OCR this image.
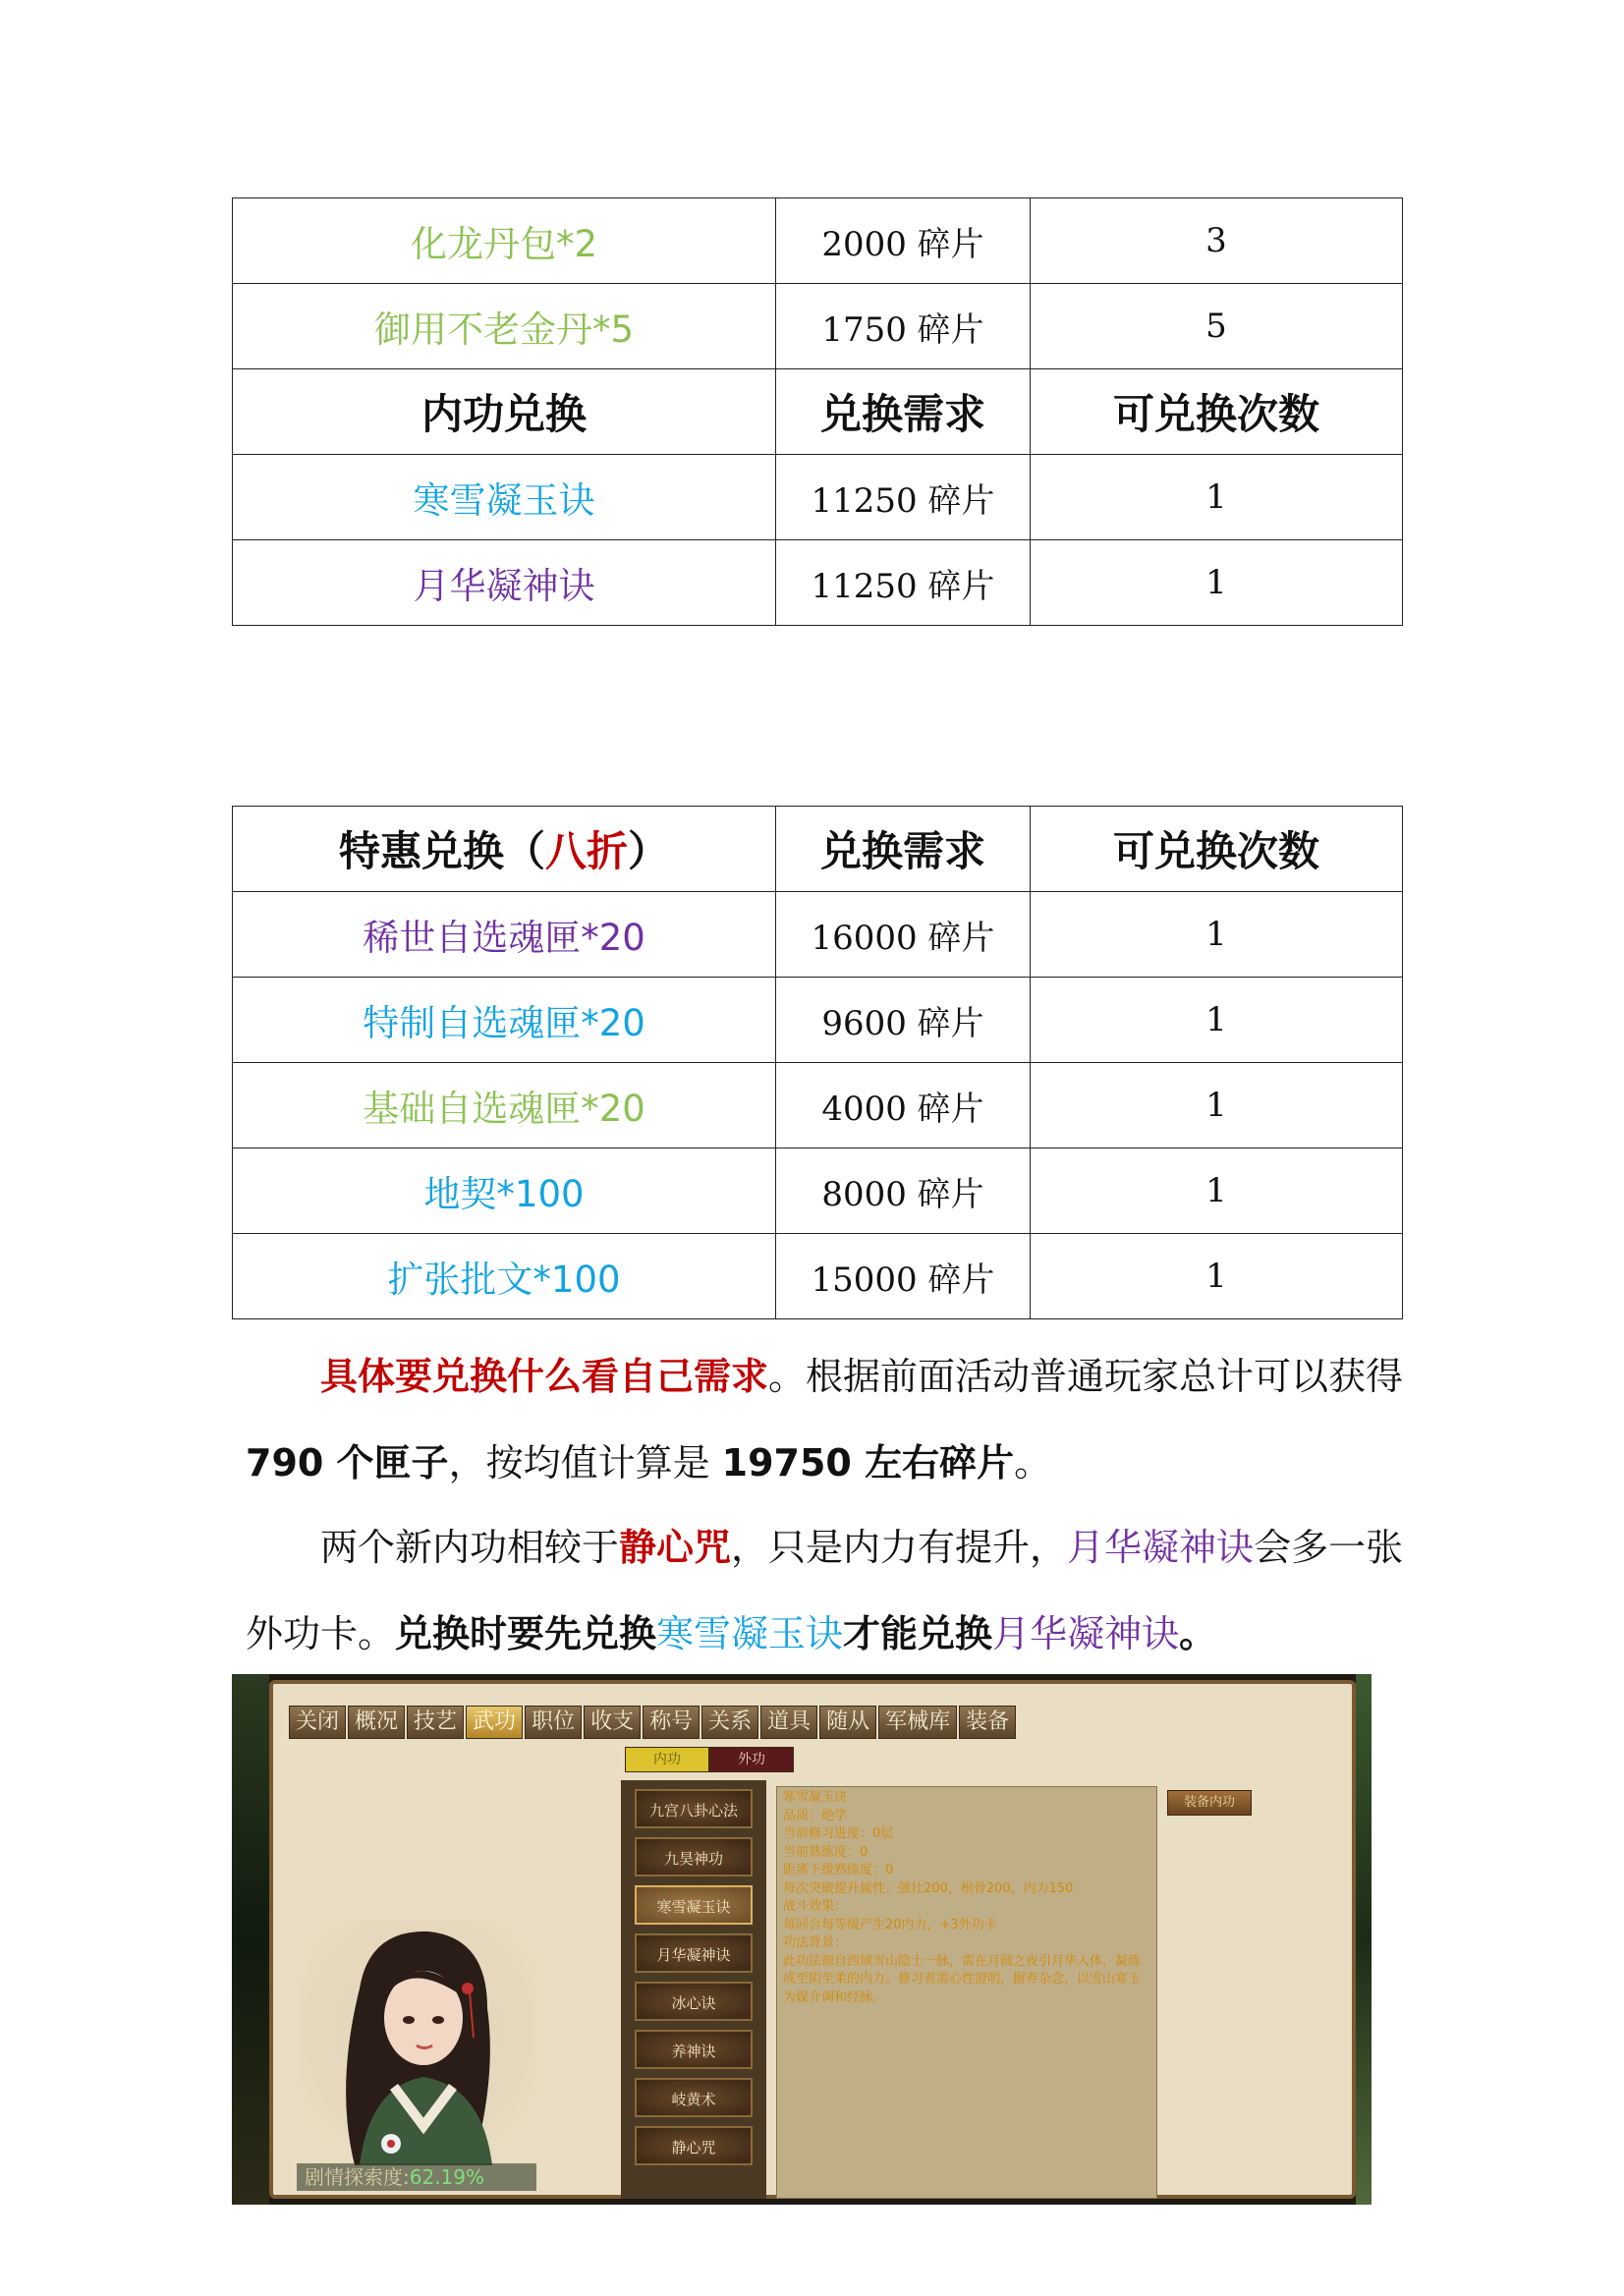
化龙丹包*2	2000 碎片	3
御用不老金丹*5	1750 碎片	5
内功兑换	兑换需求	可兑换次数
寒雪凝玉诀	11250 碎片	1
月华凝神诀	11250 碎片	1
特惠兑换（八折）	兑换需求	可兑换次数
稀世自选魂匣*20	16000 碎片	1
特制自选魂匣*20	9600 碎片	1
基础自选魂匣*20	4000 碎片	1
地契*100	8000 碎片	1
扩张批文*100	15000 碎片	1
具体要兑换什么看自己需求。根据前面活动普通玩家总计可以获得 790 个匣子，按均值计算是 19750 左右碎片。
两个新内功相较于静心咒，只是内力有提升，月华凝神诀会多一张外功卡。兑换时要先兑换寒雪凝玉诀才能兑换月华凝神诀。
关闭 概况 技艺 武功 职位 收支 称号 关系 道具 随从 军械库 装备
内功	外功
九宫八卦心法
九昊神功
寒雪凝玉诀
月华凝神诀
冰心诀
养神诀
岐黄术
静心咒
寒雪凝玉诀
品质：绝学
当前修习进度：0层
当前熟练度：0
距离下级熟练度：0
每次突破提升属性：强壮200，根骨200，内力150
战斗效果：
每回合每等级产生20内力，+3外功卡
功法背景：
此功法源自西域雪山隐士一脉，需在月圆之夜引月华入体，凝练成至阴至柔的内力。修习者需心性澄明，摒弃杂念，以雪山寒玉为媒介调和经脉。
装备内功
剧情探索度:62.19%
